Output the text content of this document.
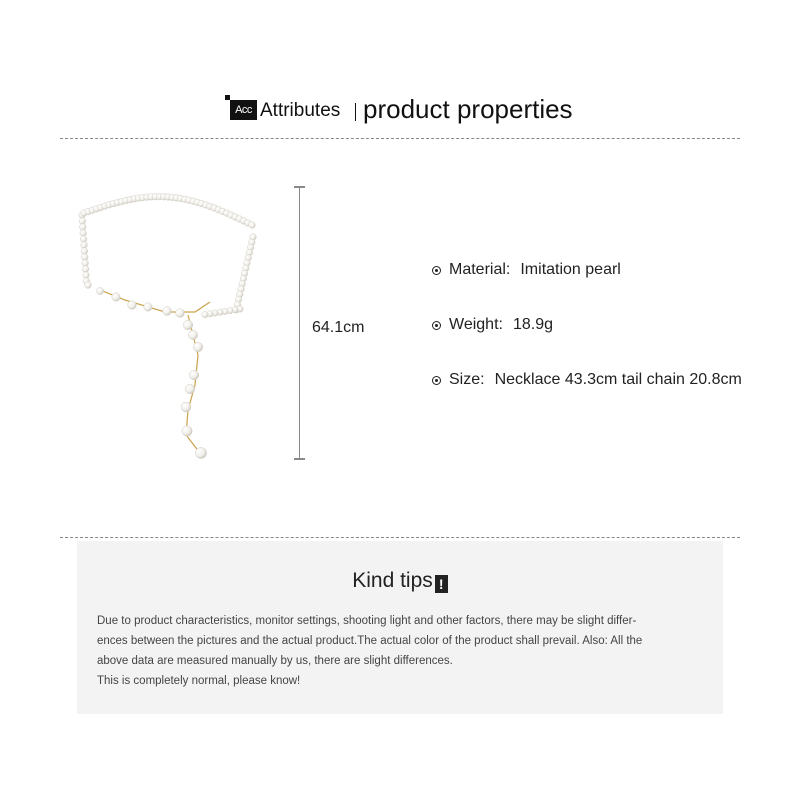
Acc Attributes product properties
64.1cm
Material: Imitation pearl
Weight: 18.9g
Size: Necklace 43.3cm tail chain 20.8cm
Kind tips !

Due to product characteristics, monitor settings, shooting light and other factors, there may be slight differ-

ences between the pictures and the actual product.The actual color of the product shall prevail. Also: All the

above data are measured manually by us, there are slight differences.

This is completely normal, please know!
